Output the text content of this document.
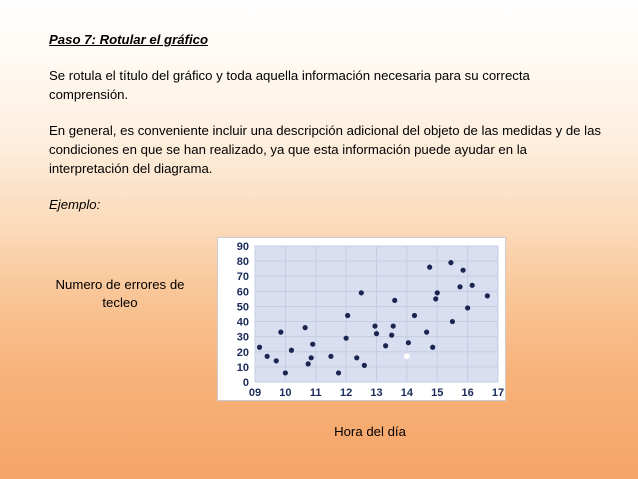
Paso 7: Rotular el gráfico

Se rotula el título del gráfico y toda aquella información necesaria para su correcta comprensión.

En general, es conveniente incluir una descripción adicional del objeto de las medidas y de las condiciones en que se han realizado, ya que esta información puede ayudar en la interpretación del diagrama.

Ejemplo:

Numero de errores de tecleo
0
10
20
30
40
50
60
70
80
90
09 10 11 12 13 14 15 16 17
Hora del día
